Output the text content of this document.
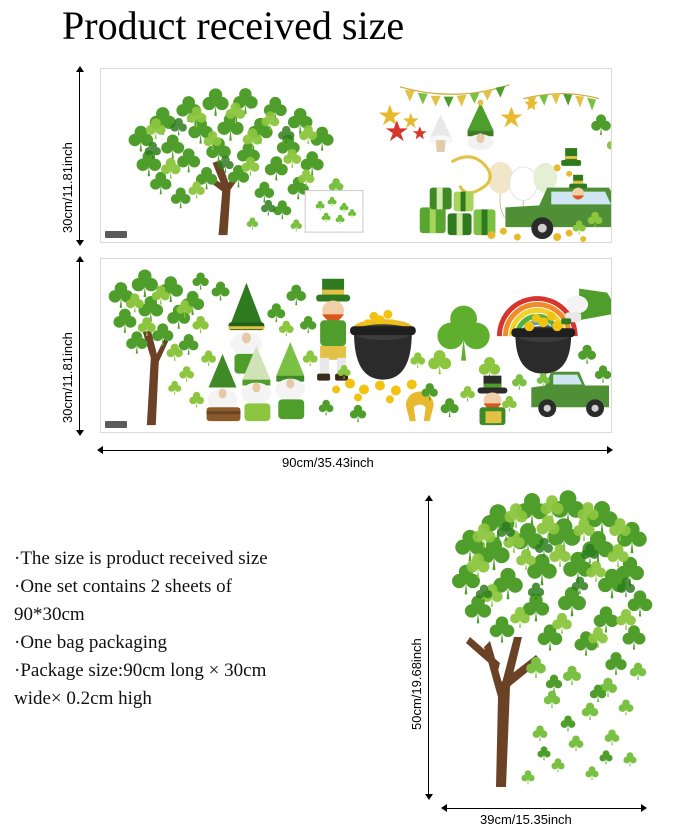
Product received size
30cm/11.81inch
30cm/11.81inch
90cm/35.43inch
·The size is product received size
·One set contains 2 sheets of
90*30cm
·One bag packaging
·Package size:90cm long × 30cm
wide× 0.2cm high	50cm/19.68inch
39cm/15.35inch
